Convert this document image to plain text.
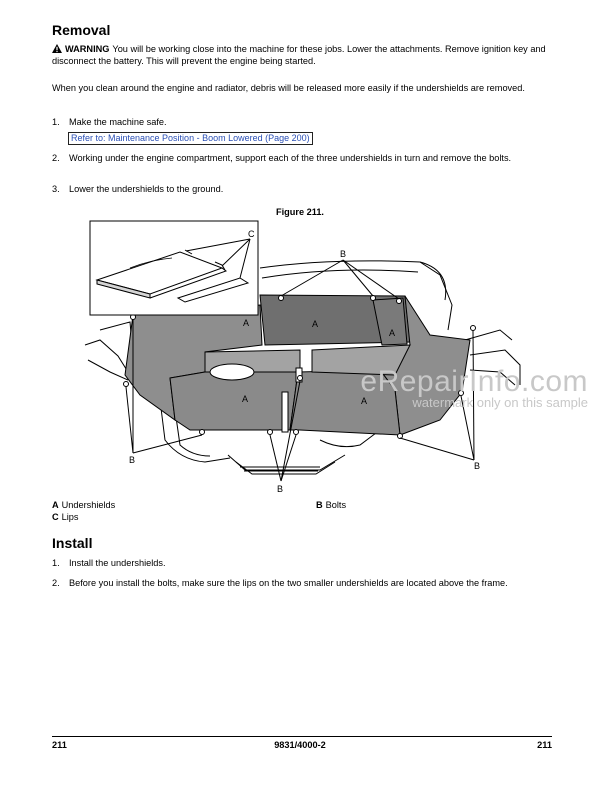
Removal

WARNING You will be working close into the machine for these jobs. Lower the attachments. Remove ignition key and disconnect the battery. This will prevent the engine being started.

When you clean around the engine and radiator, debris will be released more easily if the undershields are removed.

1. Make the machine safe.
Refer to: Maintenance Position - Boom Lowered (Page 200)
2. Working under the engine compartment, support each of the three undershields in turn and remove the bolts.
3. Lower the undershields to the ground.
Figure 211.
B
B
B
B
C
A	A
A
A	A
eRepairInfo.com
watermark only on this sample
A Undershields	B Bolts
C Lips
Install
1. Install the undershields.
2. Before you install the bolts, make sure the lips on the two smaller undershields are located above the frame.
211	9831/4000-2	211
